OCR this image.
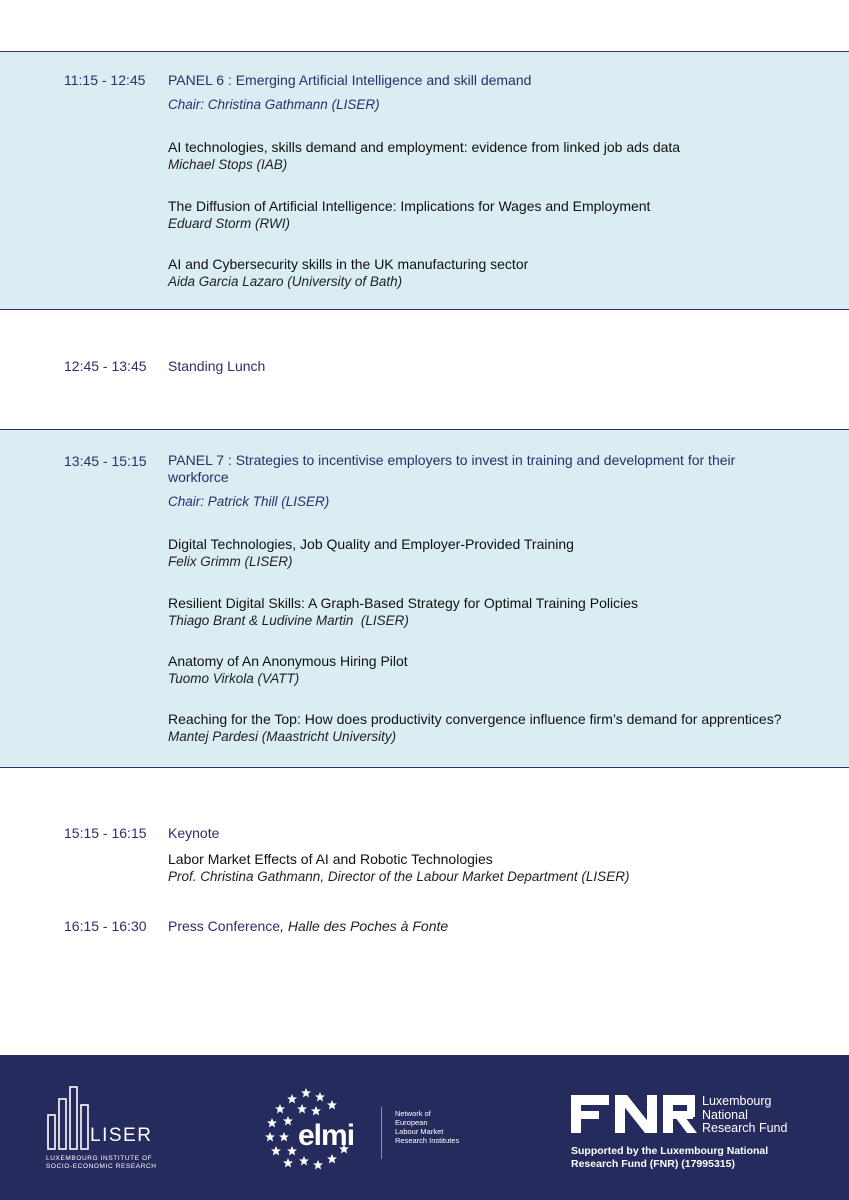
11:15 - 12:45 PANEL 6 : Emerging Artificial Intelligence and skill demand
Chair: Christina Gathmann (LISER)
AI technologies, skills demand and employment: evidence from linked job ads data
Michael Stops (IAB)
The Diffusion of Artificial Intelligence: Implications for Wages and Employment
Eduard Storm (RWI)
AI and Cybersecurity skills in the UK manufacturing sector
Aida Garcia Lazaro (University of Bath)
12:45 - 13:45 Standing Lunch
13:45 - 15:15 PANEL 7 : Strategies to incentivise employers to invest in training and development for their workforce
Chair: Patrick Thill (LISER)
Digital Technologies, Job Quality and Employer-Provided Training
Felix Grimm (LISER)
Resilient Digital Skills: A Graph-Based Strategy for Optimal Training Policies
Thiago Brant & Ludivine Martin  (LISER)
Anatomy of An Anonymous Hiring Pilot
Tuomo Virkola (VATT)
Reaching for the Top: How does productivity convergence influence firm’s demand for apprentices?
Mantej Pardesi (Maastricht University)
15:15 - 16:15 Keynote
Labor Market Effects of AI and Robotic Technologies
Prof. Christina Gathmann, Director of the Labour Market Department (LISER)
16:15 - 16:30 Press Conference, Halle des Poches à Fonte
LISER
LUXEMBOURG INSTITUTE OF
SOCIO-ECONOMIC RESEARCH
elmi
Network of
European
Labour Market
Research Institutes
Luxembourg
National
Research Fund
Supported by the Luxembourg National
Research Fund (FNR) (17995315)
